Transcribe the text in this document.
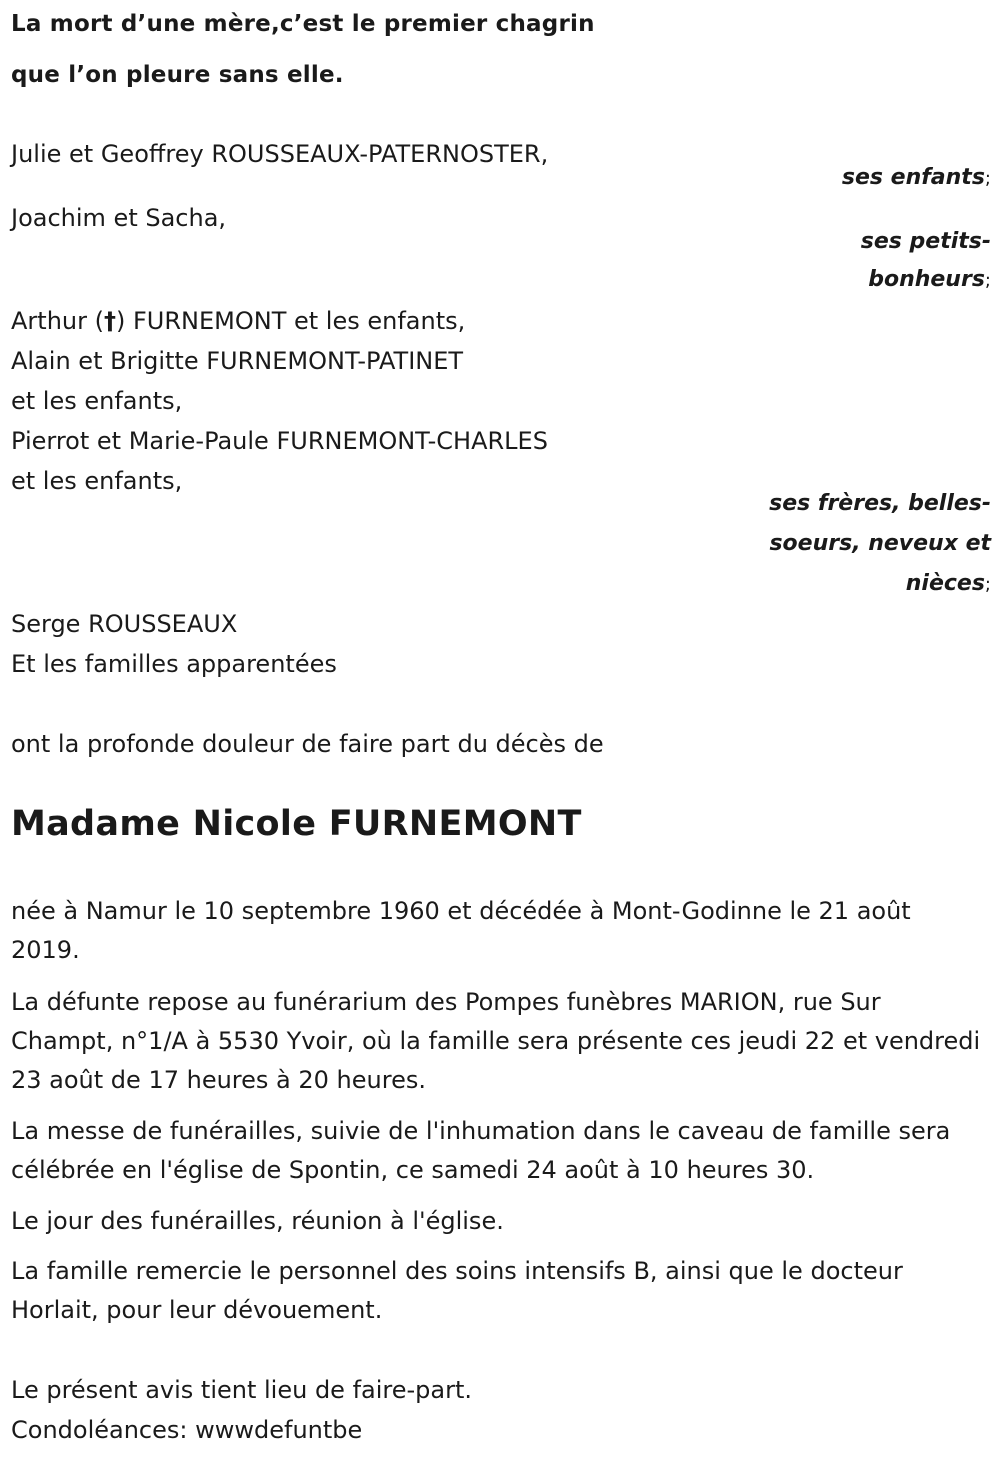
La mort d’une mère,c’est le premier chagrin
que l’on pleure sans elle.
Julie et Geoffrey ROUSSEAUX-PATERNOSTER,
ses enfants;
Joachim et Sacha,
ses petits-
bonheurs;
Arthur (†) FURNEMONT et les enfants,
Alain et Brigitte FURNEMONT-PATINET
et les enfants,
Pierrot et Marie-Paule FURNEMONT-CHARLES
et les enfants,
ses frères, belles-
soeurs, neveux et
nièces;
Serge ROUSSEAUX
Et les familles apparentées
ont la profonde douleur de faire part du décès de
Madame Nicole FURNEMONT
née à Namur le 10 septembre 1960 et décédée à Mont-Godinne le 21 août 2019.
La défunte repose au funérarium des Pompes funèbres MARION, rue Sur Champt, n°1/A à 5530 Yvoir, où la famille sera présente ces jeudi 22 et vendredi 23 août de 17 heures à 20 heures.
La messe de funérailles, suivie de l'inhumation dans le caveau de famille sera célébrée en l'église de Spontin, ce samedi 24 août à 10 heures 30.
Le jour des funérailles, réunion à l'église.
La famille remercie le personnel des soins intensifs B, ainsi que le docteur Horlait, pour leur dévouement.
Le présent avis tient lieu de faire-part.
Condoléances: wwwdefuntbe
